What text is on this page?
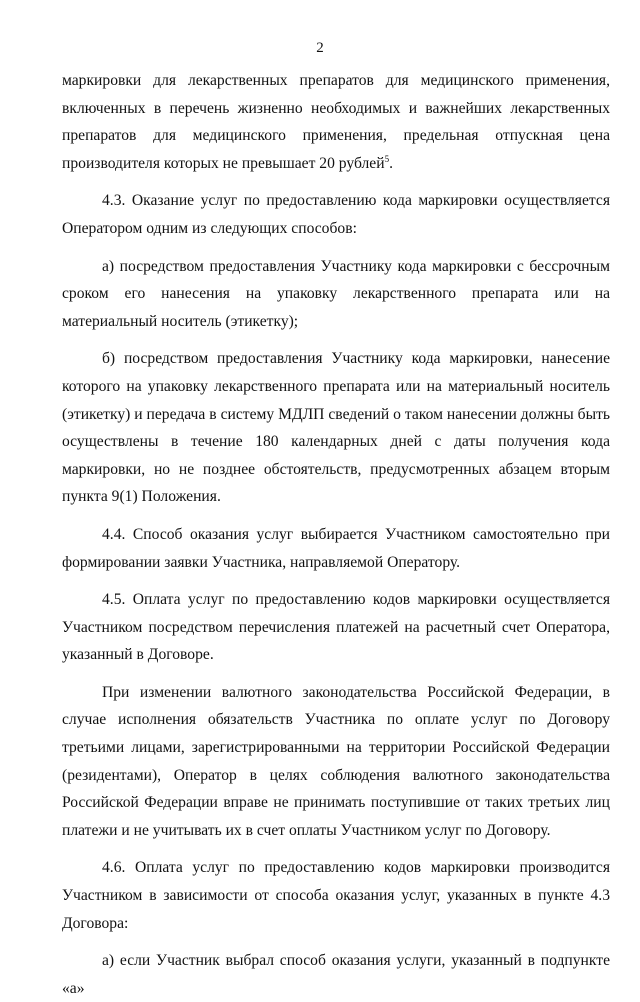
2

маркировки для лекарственных препаратов для медицинского применения, включенных в перечень жизненно необходимых и важнейших лекарственных препаратов для медицинского применения, предельная отпускная цена производителя которых не превышает 20 рублей$^5$.

4.3. Оказание услуг по предоставлению кода маркировки осуществляется Оператором одним из следующих способов:

а) посредством предоставления Участнику кода маркировки с бессрочным сроком его нанесения на упаковку лекарственного препарата или на материальный носитель (этикетку);

б) посредством предоставления Участнику кода маркировки, нанесение которого на упаковку лекарственного препарата или на материальный носитель (этикетку) и передача в систему МДЛП сведений о таком нанесении должны быть осуществлены в течение 180 календарных дней с даты получения кода маркировки, но не позднее обстоятельств, предусмотренных абзацем вторым пункта 9(1) Положения.

4.4. Способ оказания услуг выбирается Участником самостоятельно при формировании заявки Участника, направляемой Оператору.

4.5. Оплата услуг по предоставлению кодов маркировки осуществляется Участником посредством перечисления платежей на расчетный счет Оператора, указанный в Договоре.

При изменении валютного законодательства Российской Федерации, в случае исполнения обязательств Участника по оплате услуг по Договору третьими лицами, зарегистрированными на территории Российской Федерации (резидентами), Оператор в целях соблюдения валютного законодательства Российской Федерации вправе не принимать поступившие от таких третьих лиц платежи и не учитывать их в счет оплаты Участником услуг по Договору.

4.6. Оплата услуг по предоставлению кодов маркировки производится Участником в зависимости от способа оказания услуг, указанных в пункте 4.3 Договора:

а) если Участник выбрал способ оказания услуги, указанный в подпункте «а»
